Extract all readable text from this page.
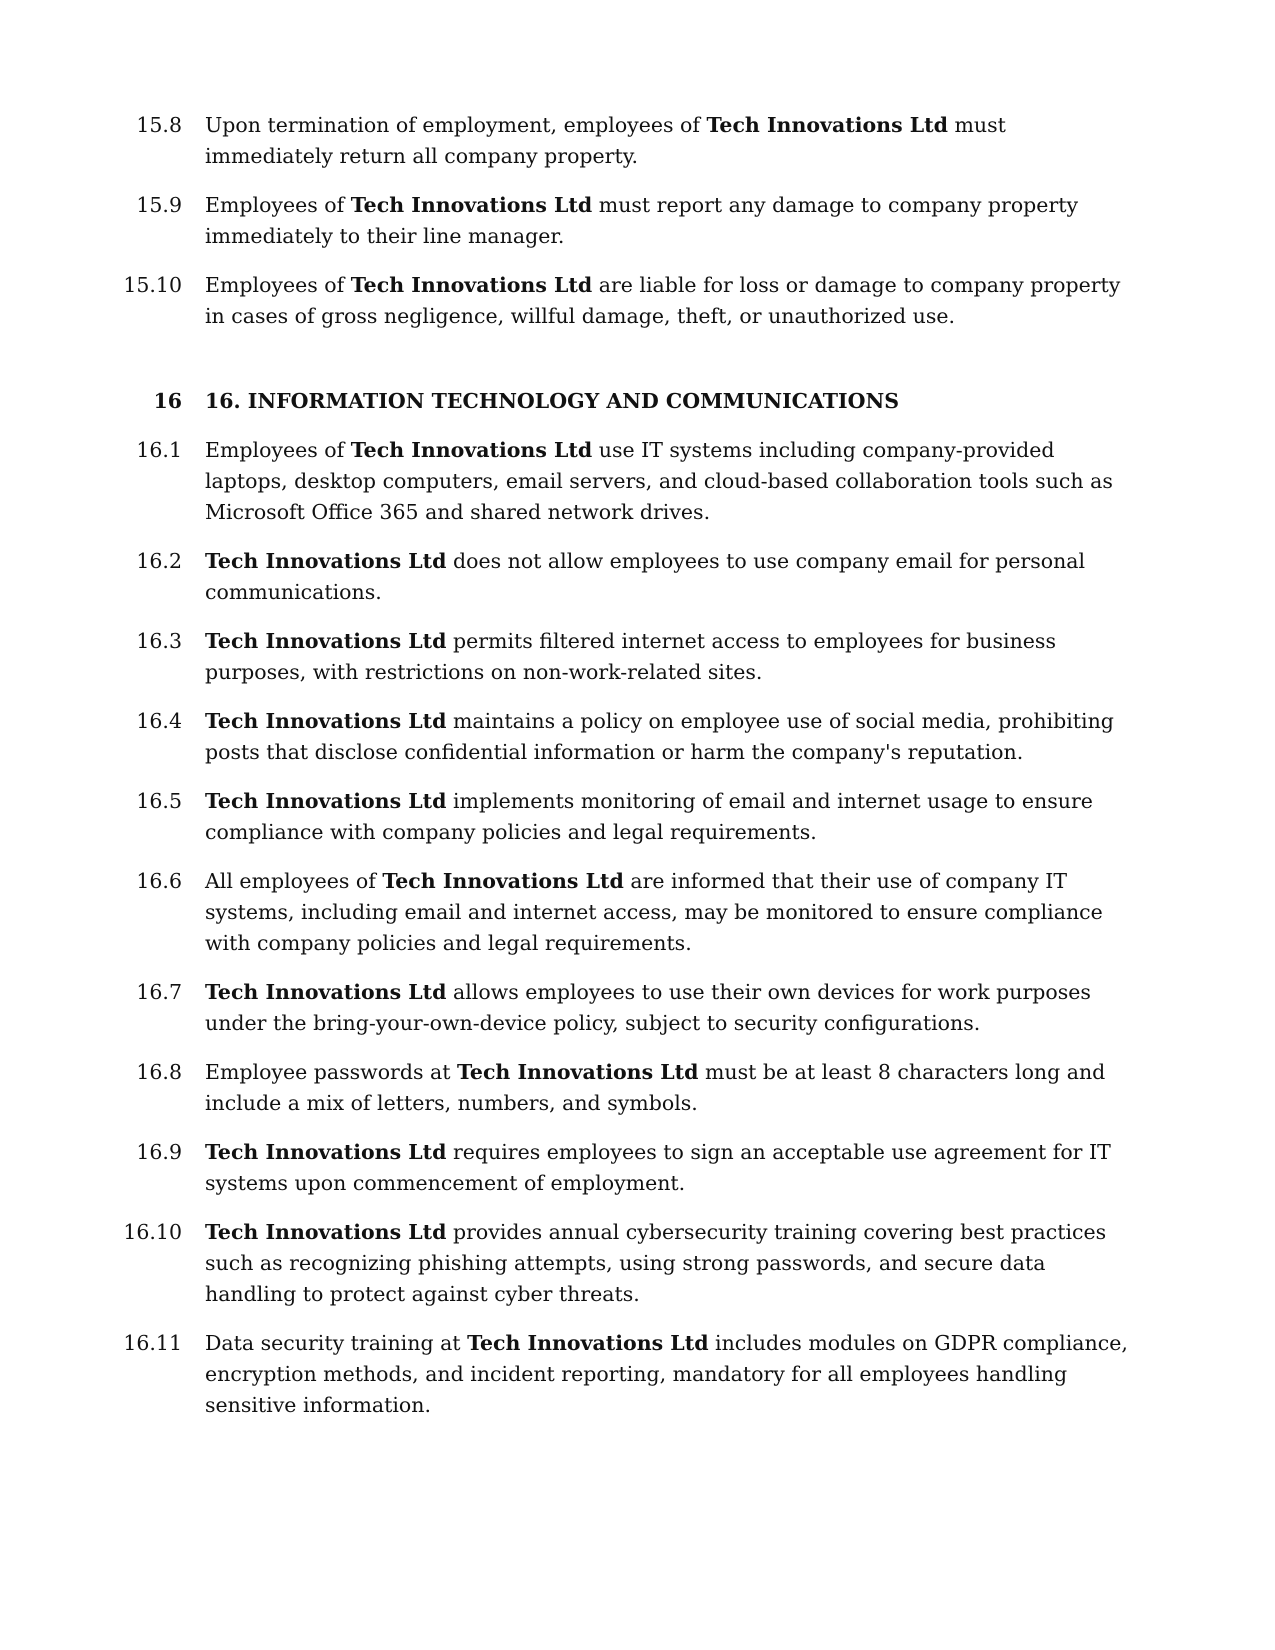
15.8	Upon termination of employment, employees of Tech Innovations Ltd must immediately return all company property.
15.9	Employees of Tech Innovations Ltd must report any damage to company property immediately to their line manager.
15.10	Employees of Tech Innovations Ltd are liable for loss or damage to company property in cases of gross negligence, willful damage, theft, or unauthorized use.
16	16. INFORMATION TECHNOLOGY AND COMMUNICATIONS
16.1	Employees of Tech Innovations Ltd use IT systems including company-provided laptops, desktop computers, email servers, and cloud-based collaboration tools such as Microsoft Office 365 and shared network drives.
16.2	Tech Innovations Ltd does not allow employees to use company email for personal communications.
16.3	Tech Innovations Ltd permits filtered internet access to employees for business purposes, with restrictions on non-work-related sites.
16.4	Tech Innovations Ltd maintains a policy on employee use of social media, prohibiting posts that disclose confidential information or harm the company's reputation.
16.5	Tech Innovations Ltd implements monitoring of email and internet usage to ensure compliance with company policies and legal requirements.
16.6	All employees of Tech Innovations Ltd are informed that their use of company IT systems, including email and internet access, may be monitored to ensure compliance with company policies and legal requirements.
16.7	Tech Innovations Ltd allows employees to use their own devices for work purposes under the bring-your-own-device policy, subject to security configurations.
16.8	Employee passwords at Tech Innovations Ltd must be at least 8 characters long and include a mix of letters, numbers, and symbols.
16.9	Tech Innovations Ltd requires employees to sign an acceptable use agreement for IT systems upon commencement of employment.
16.10	Tech Innovations Ltd provides annual cybersecurity training covering best practices such as recognizing phishing attempts, using strong passwords, and secure data handling to protect against cyber threats.
16.11	Data security training at Tech Innovations Ltd includes modules on GDPR compliance, encryption methods, and incident reporting, mandatory for all employees handling sensitive information.
